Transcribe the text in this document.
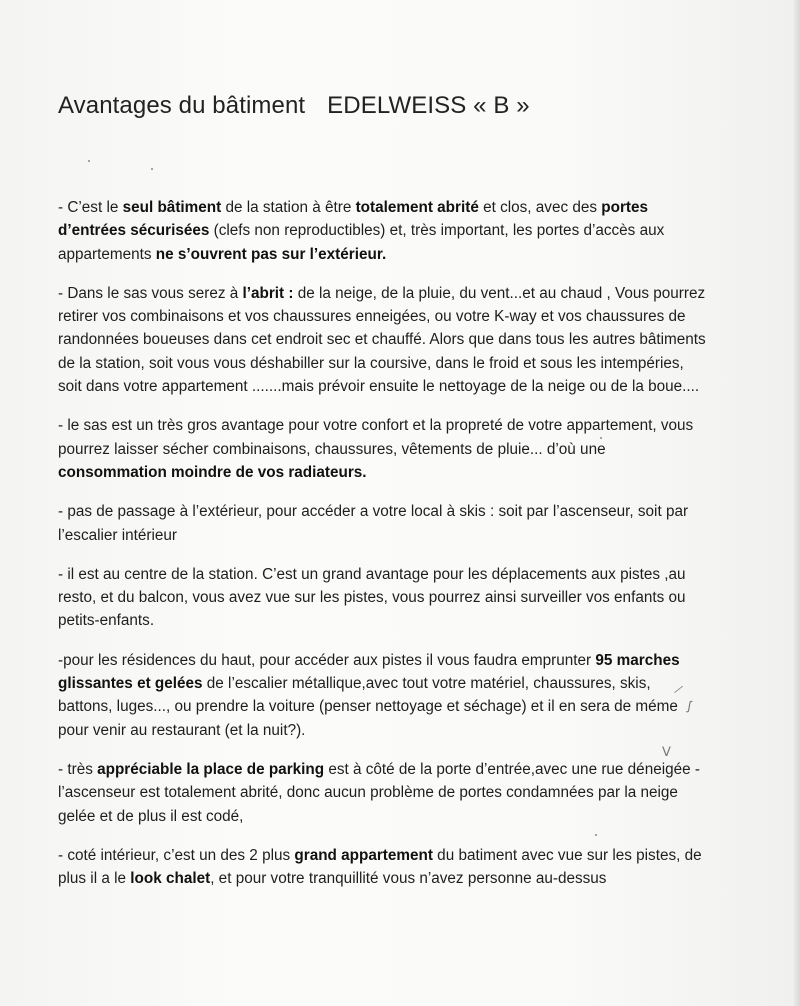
Avantages du bâtiment EDELWEISS « B »

- C’est le seul bâtiment de la station à être totalement abrité et clos, avec des portes d’entrées sécurisées (clefs non reproductibles) et, très important, les portes d’accès aux appartements ne s’ouvrent pas sur l’extérieur.

- Dans le sas vous serez à l’abrit : de la neige, de la pluie, du vent...et au chaud , Vous pourrez retirer vos combinaisons et vos chaussures enneigées, ou votre K-way et vos chaussures de randonnées boueuses dans cet endroit sec et chauffé. Alors que dans tous les autres bâtiments de la station, soit vous vous déshabiller sur la coursive, dans le froid et sous les intempéries, soit dans votre appartement .......mais prévoir ensuite le nettoyage de la neige ou de la boue....

- le sas est un très gros avantage pour votre confort et la propreté de votre appartement, vous pourrez laisser sécher combinaisons, chaussures, vêtements de pluie... d’où une consommation moindre de vos radiateurs.

- pas de passage à l’extérieur, pour accéder a votre local à skis : soit par l’ascenseur, soit par l’escalier intérieur

- il est au centre de la station. C’est un grand avantage pour les déplacements aux pistes ,au resto, et du balcon, vous avez vue sur les pistes, vous pourrez ainsi surveiller vos enfants ou petits-enfants.

-pour les résidences du haut, pour accéder aux pistes il vous faudra emprunter 95 marches glissantes et gelées de l’escalier métallique,avec tout votre matériel, chaussures, skis, battons, luges..., ou prendre la voiture (penser nettoyage et séchage) et il en sera de méme pour venir au restaurant (et la nuit?).

- très appréciable la place de parking est à côté de la porte d’entrée,avec une rue déneigée - l’ascenseur est totalement abrité, donc aucun problème de portes condamnées par la neige gelée et de plus il est codé,

- coté intérieur, c’est un des 2 plus grand appartement du batiment avec vue sur les pistes, de plus il a le look chalet, et pour votre tranquillité vous n’avez personne au-dessus

⁄
ʃ
ᐯ
